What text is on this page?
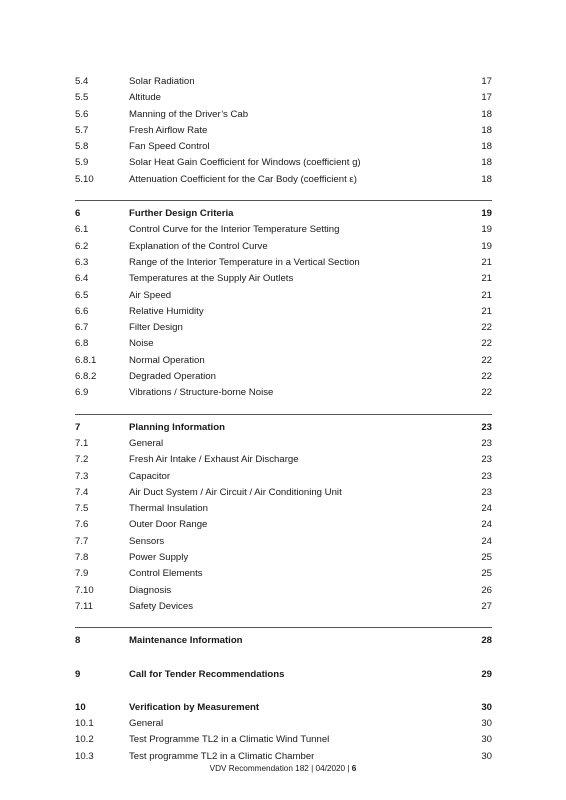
5.4	Solar Radiation	17
5.5	Altitude	17
5.6	Manning of the Driver’s Cab	18
5.7	Fresh Airflow Rate	18
5.8	Fan Speed Control	18
5.9	Solar Heat Gain Coefficient for Windows (coefficient g)	18
5.10	Attenuation Coefficient for the Car Body (coefficient ε)	18
6	Further Design Criteria	19
6.1	Control Curve for the Interior Temperature Setting	19
6.2	Explanation of the Control Curve	19
6.3	Range of the Interior Temperature in a Vertical Section	21
6.4	Temperatures at the Supply Air Outlets	21
6.5	Air Speed	21
6.6	Relative Humidity	21
6.7	Filter Design	22
6.8	Noise	22
6.8.1	Normal Operation	22
6.8.2	Degraded Operation	22
6.9	Vibrations / Structure-borne Noise	22
7	Planning Information	23
7.1	General	23
7.2	Fresh Air Intake / Exhaust Air Discharge	23
7.3	Capacitor	23
7.4	Air Duct System / Air Circuit / Air Conditioning Unit	23
7.5	Thermal Insulation	24
7.6	Outer Door Range	24
7.7	Sensors	24
7.8	Power Supply	25
7.9	Control Elements	25
7.10	Diagnosis	26
7.11	Safety Devices	27
8	Maintenance Information	28
9	Call for Tender Recommendations	29
10	Verification by Measurement	30
10.1	General	30
10.2	Test Programme TL2 in a Climatic Wind Tunnel	30
10.3	Test programme TL2 in a Climatic Chamber	30
VDV Recommendation 182 | 04/2020 | 6
